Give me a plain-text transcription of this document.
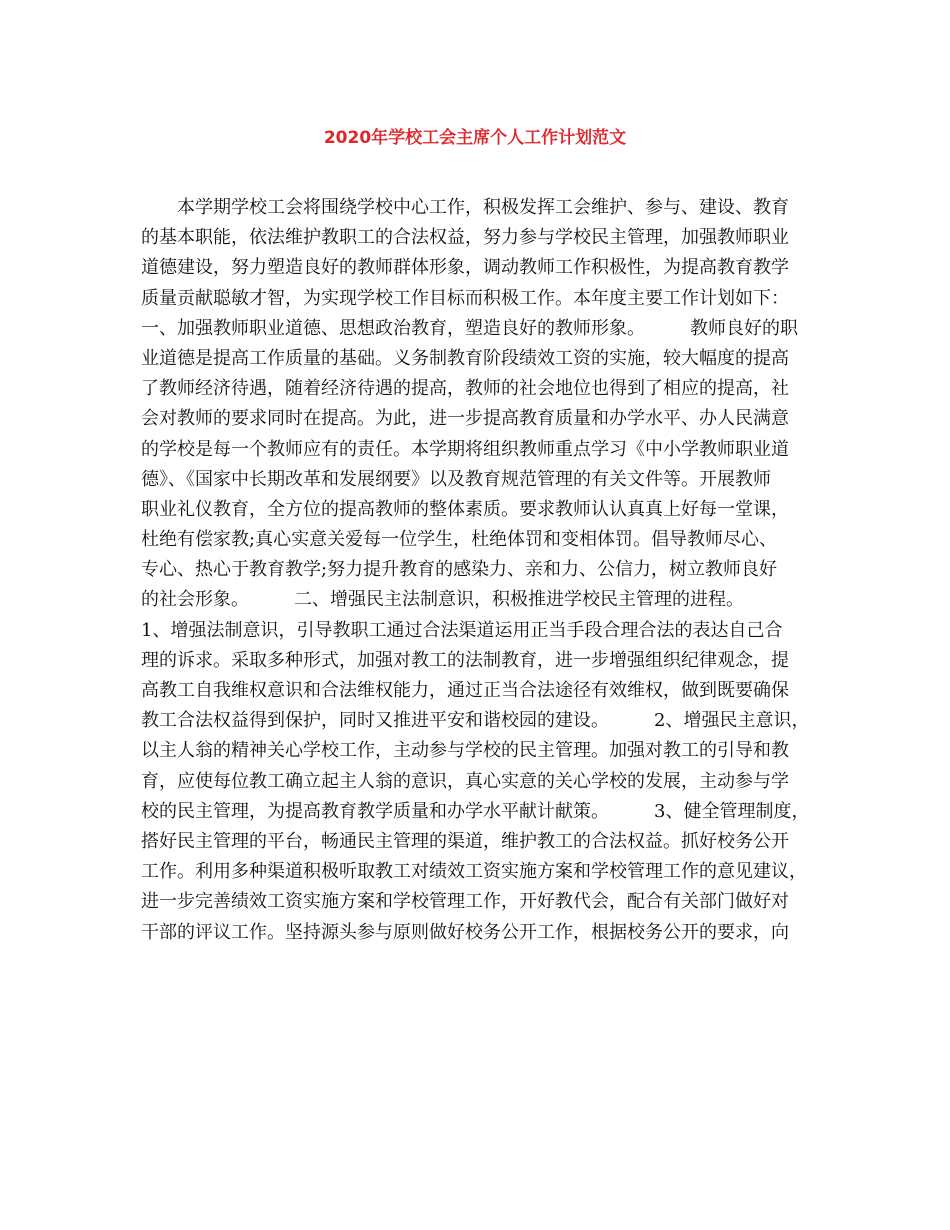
2020年学校工会主席个人工作计划范文
本学期学校工会将围绕学校中心工作，积极发挥工会维护、参与、建设、教育
的基本职能，依法维护教职工的合法权益，努力参与学校民主管理，加强教师职业
道德建设，努力塑造良好的教师群体形象，调动教师工作积极性，为提高教育教学
质量贡献聪敏才智，为实现学校工作目标而积极工作。本年度主要工作计划如下：
一、加强教师职业道德、思想政治教育，塑造良好的教师形象。　　　教师良好的职
业道德是提高工作质量的基础。义务制教育阶段绩效工资的实施，较大幅度的提高
了教师经济待遇，随着经济待遇的提高，教师的社会地位也得到了相应的提高，社
会对教师的要求同时在提高。为此，进一步提高教育质量和办学水平、办人民满意
的学校是每一个教师应有的责任。本学期将组织教师重点学习《中小学教师职业道
德》、《国家中长期改革和发展纲要》以及教育规范管理的有关文件等。开展教师
职业礼仪教育，全方位的提高教师的整体素质。要求教师认认真真上好每一堂课，
杜绝有偿家教;真心实意关爱每一位学生，杜绝体罚和变相体罚。倡导教师尽心、
专心、热心于教育教学;努力提升教育的感染力、亲和力、公信力，树立教师良好
的社会形象。　　　二、增强民主法制意识，积极推进学校民主管理的进程。
1、增强法制意识，引导教职工通过合法渠道运用正当手段合理合法的表达自己合
理的诉求。采取多种形式，加强对教工的法制教育，进一步增强组织纪律观念，提
高教工自我维权意识和合法维权能力，通过正当合法途径有效维权，做到既要确保
教工合法权益得到保护，同时又推进平安和谐校园的建设。　　　2、增强民主意识，
以主人翁的精神关心学校工作，主动参与学校的民主管理。加强对教工的引导和教
育，应使每位教工确立起主人翁的意识，真心实意的关心学校的发展，主动参与学
校的民主管理，为提高教育教学质量和办学水平献计献策。　　　3、健全管理制度，
搭好民主管理的平台，畅通民主管理的渠道，维护教工的合法权益。抓好校务公开
工作。利用多种渠道积极听取教工对绩效工资实施方案和学校管理工作的意见建议，
进一步完善绩效工资实施方案和学校管理工作，开好教代会，配合有关部门做好对
干部的评议工作。坚持源头参与原则做好校务公开工作，根据校务公开的要求，向
